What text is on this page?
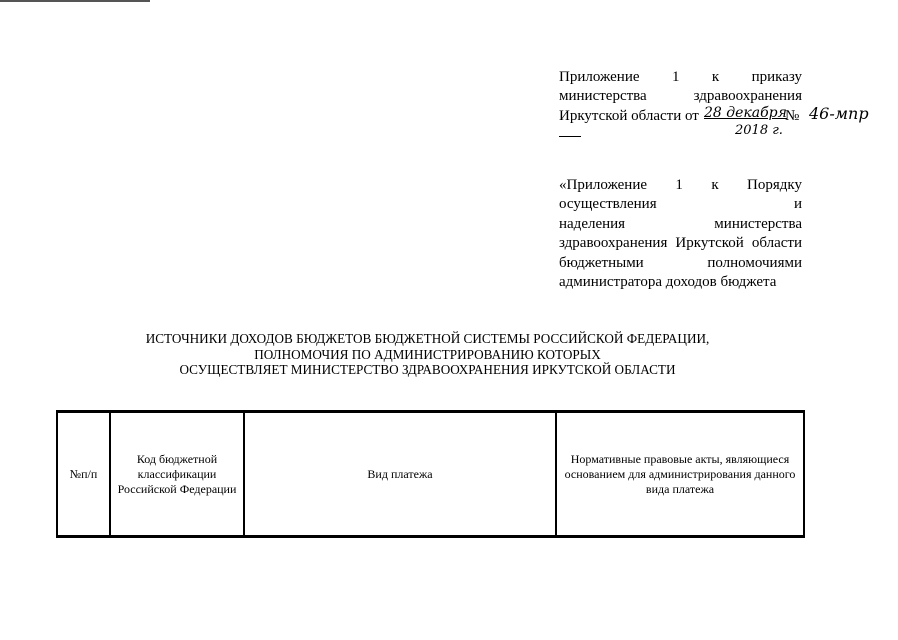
Приложение 1 к приказу
министерства	здравоохранения
Иркутской области от 28 декабря
№ 46-мпр
2018 г.
«Приложение 1 к Порядку
осуществления	и
наделения	министерства
здравоохранения Иркутской области
бюджетными	полномочиями
администратора доходов бюджета
ИСТОЧНИКИ ДОХОДОВ БЮДЖЕТОВ БЮДЖЕТНОЙ СИСТЕМЫ РОССИЙСКОЙ ФЕДЕРАЦИИ,
ПОЛНОМОЧИЯ ПО АДМИНИСТРИРОВАНИЮ КОТОРЫХ
ОСУЩЕСТВЛЯЕТ МИНИСТЕРСТВО ЗДРАВООХРАНЕНИЯ ИРКУТСКОЙ ОБЛАСТИ
№п/п	Код бюджетной классификации Российской Федерации	Вид платежа	Нормативные правовые акты, являющиеся основанием для администрирования данного вида платежа
